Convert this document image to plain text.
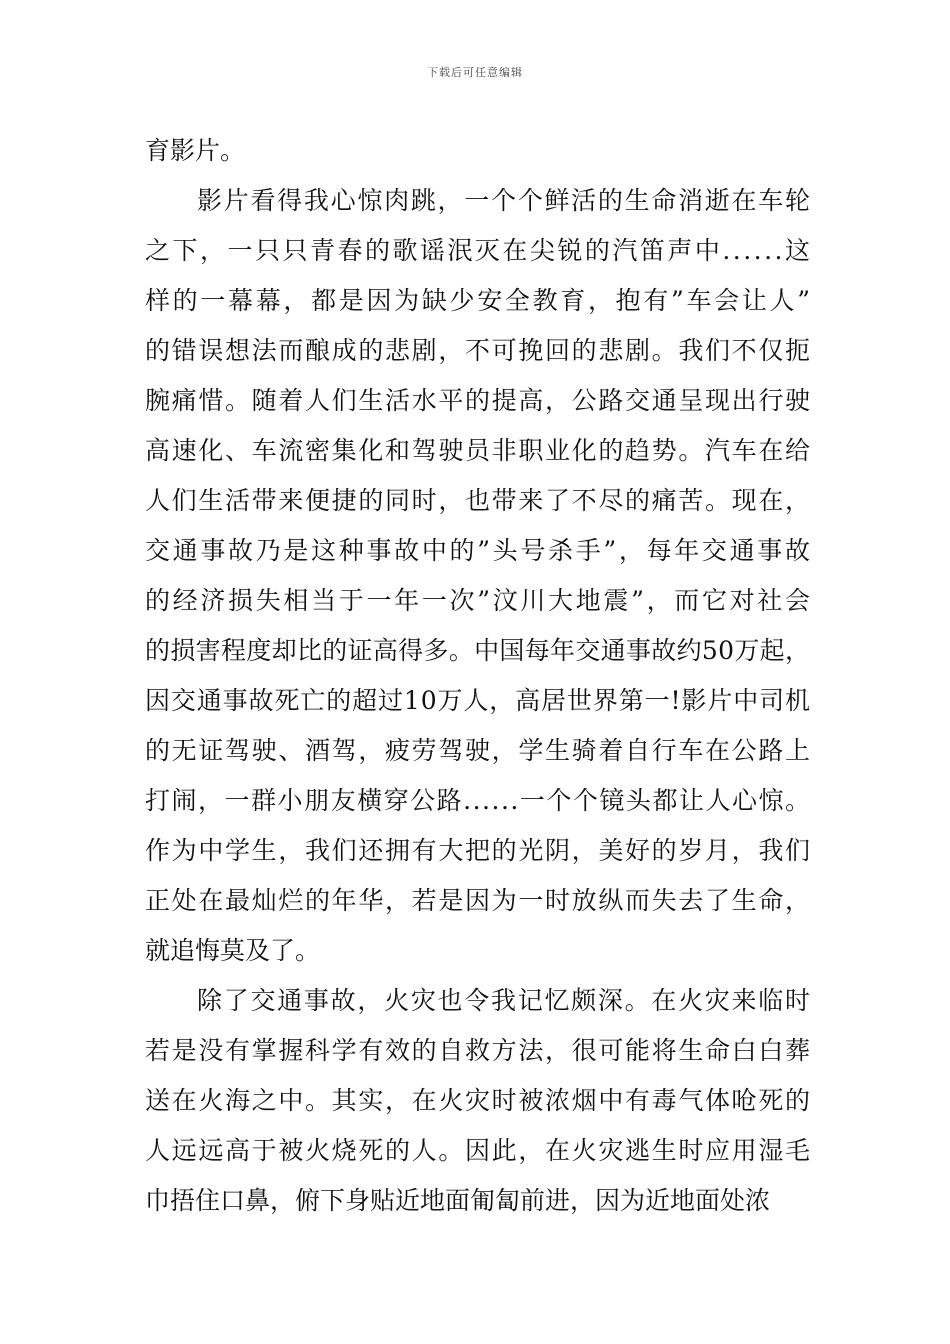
下载后可任意编辑
育影片。
影片看得我心惊肉跳，一个个鲜活的生命消逝在车轮
之下，一只只青春的歌谣泯灭在尖锐的汽笛声中......这
样的一幕幕，都是因为缺少安全教育，抱有”车会让人”
的错误想法而酿成的悲剧，不可挽回的悲剧。我们不仅扼
腕痛惜。随着人们生活水平的提高，公路交通呈现出行驶
高速化、车流密集化和驾驶员非职业化的趋势。汽车在给
人们生活带来便捷的同时，也带来了不尽的痛苦。现在，
交通事故乃是这种事故中的”头号杀手”，每年交通事故
的经济损失相当于一年一次”汶川大地震”，而它对社会
的损害程度却比的证高得多。中国每年交通事故约50万起，
因交通事故死亡的超过10万人，高居世界第一!影片中司机
的无证驾驶、酒驾，疲劳驾驶，学生骑着自行车在公路上
打闹，一群小朋友横穿公路......一个个镜头都让人心惊。
作为中学生，我们还拥有大把的光阴，美好的岁月，我们
正处在最灿烂的年华，若是因为一时放纵而失去了生命，
就追悔莫及了。
除了交通事故，火灾也令我记忆颇深。在火灾来临时
若是没有掌握科学有效的自救方法，很可能将生命白白葬
送在火海之中。其实，在火灾时被浓烟中有毒气体呛死的
人远远高于被火烧死的人。因此，在火灾逃生时应用湿毛
巾捂住口鼻，俯下身贴近地面匍匐前进，因为近地面处浓
